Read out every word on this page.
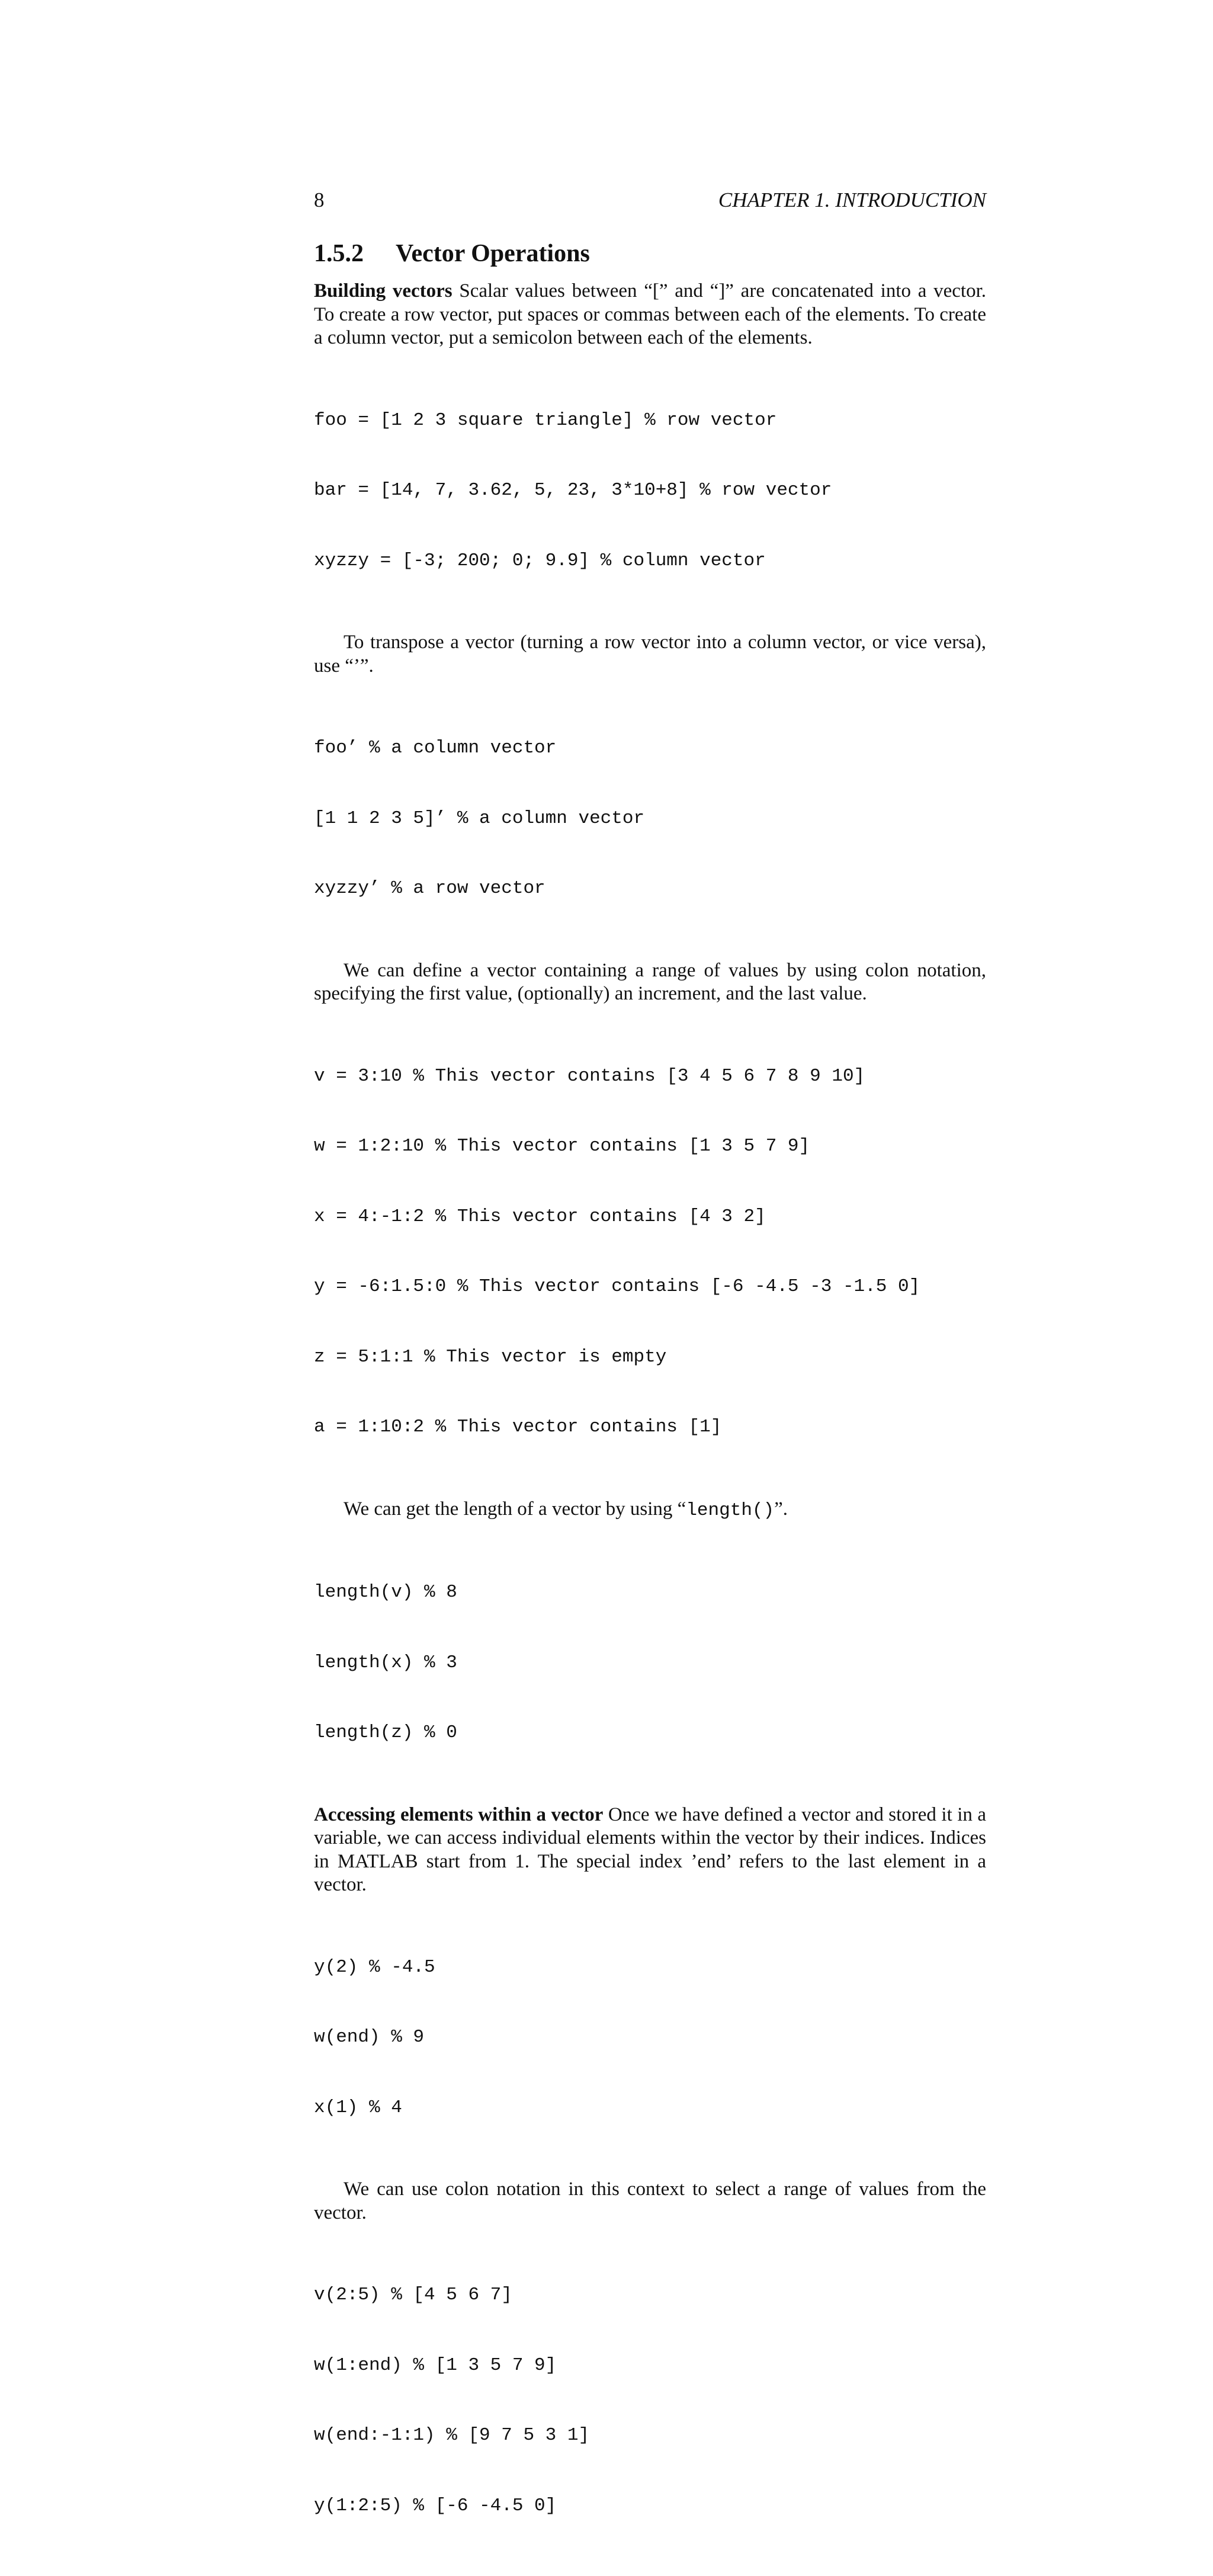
8	CHAPTER 1. INTRODUCTION
1.5.2 Vector Operations

Building vectors Scalar values between “[” and “]” are concatenated into a vector. To create a row vector, put spaces or commas between each of the elements. To create a column vector, put a semicolon between each of the elements.

foo = [1 2 3 square triangle] % row vector

bar = [14, 7, 3.62, 5, 23, 3*10+8] % row vector

xyzzy = [-3; 200; 0; 9.9] % column vector

To transpose a vector (turning a row vector into a column vector, or vice versa), use “’”.

foo’ % a column vector

[1 1 2 3 5]’ % a column vector

xyzzy’ % a row vector

We can define a vector containing a range of values by using colon notation, specifying the first value, (optionally) an increment, and the last value.

v = 3:10 % This vector contains [3 4 5 6 7 8 9 10]

w = 1:2:10 % This vector contains [1 3 5 7 9]

x = 4:-1:2 % This vector contains [4 3 2]

y = -6:1.5:0 % This vector contains [-6 -4.5 -3 -1.5 0]

z = 5:1:1 % This vector is empty

a = 1:10:2 % This vector contains [1]

We can get the length of a vector by using “length()”.

length(v) % 8

length(x) % 3

length(z) % 0

Accessing elements within a vector Once we have defined a vector and stored it in a variable, we can access individual elements within the vector by their indices. Indices in MATLAB start from 1. The special index ’end’ refers to the last element in a vector.

y(2) % -4.5

w(end) % 9

x(1) % 4

We can use colon notation in this context to select a range of values from the vector.

v(2:5) % [4 5 6 7]

w(1:end) % [1 3 5 7 9]

w(end:-1:1) % [9 7 5 3 1]

y(1:2:5) % [-6 -4.5 0]
